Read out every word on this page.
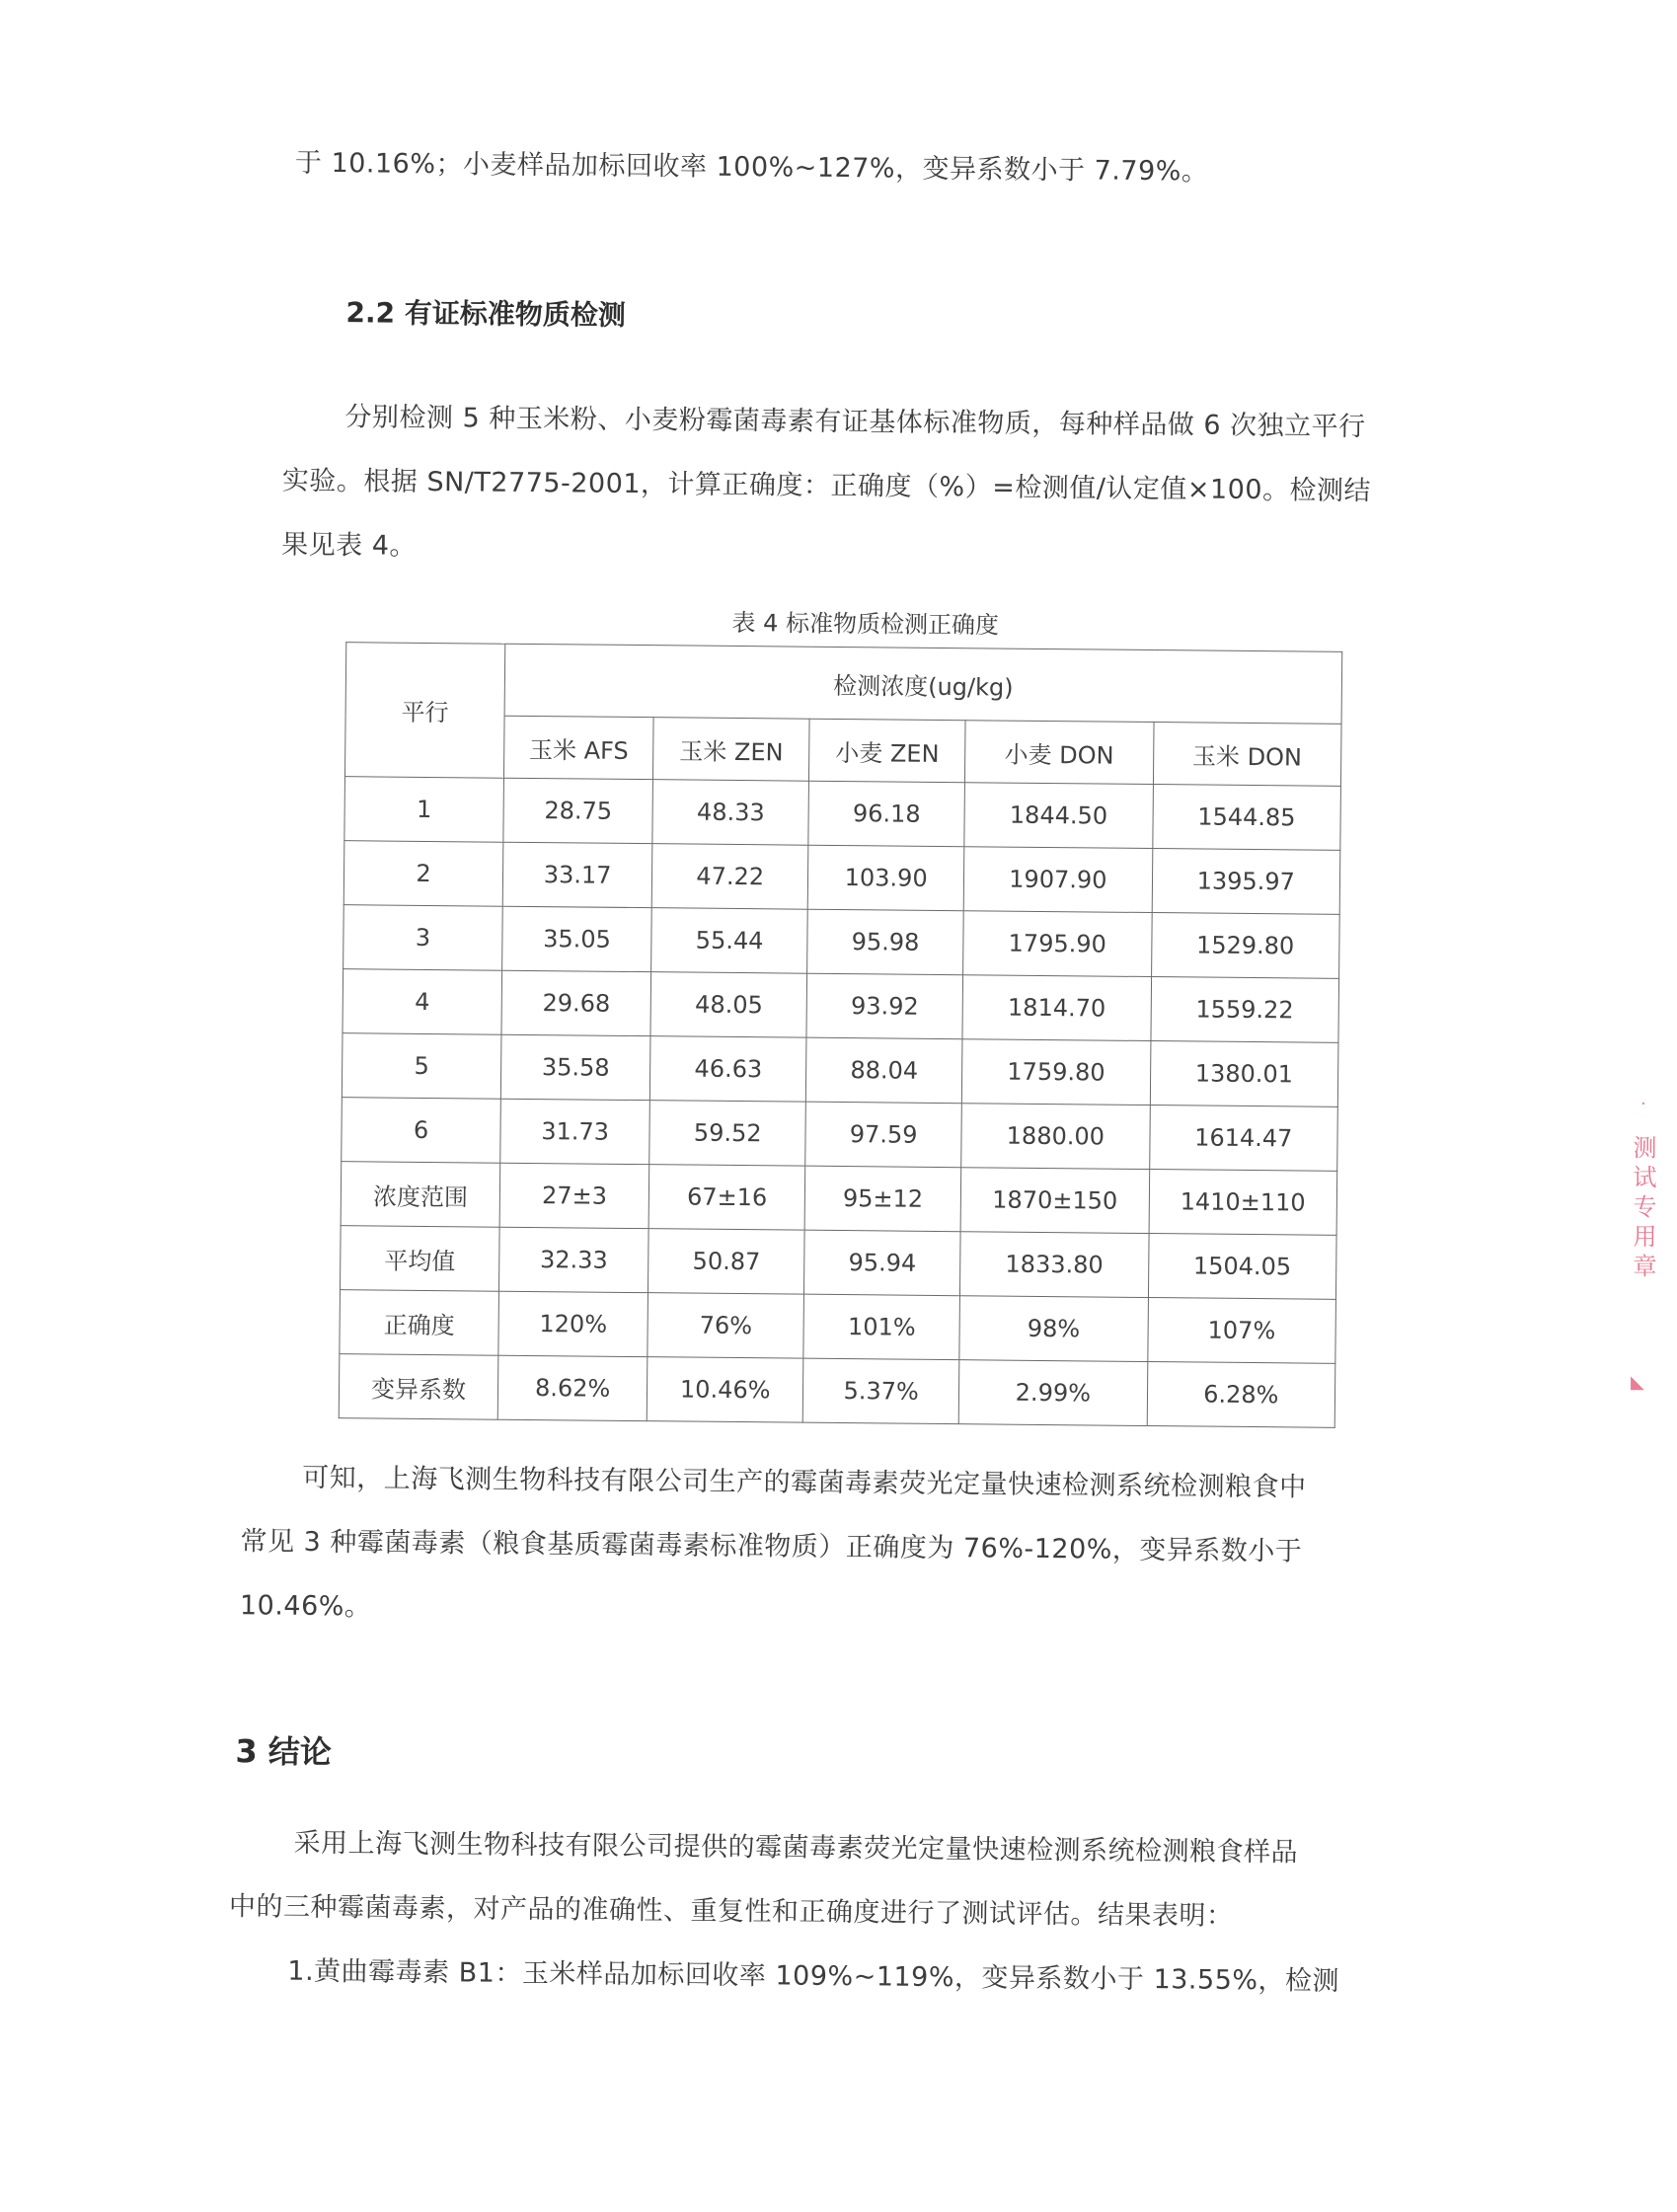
于 10.16%；小麦样品加标回收率 100%~127%，变异系数小于 7.79%。
2.2 有证标准物质检测
分别检测 5 种玉米粉、小麦粉霉菌毒素有证基体标准物质，每种样品做 6 次独立平行
实验。根据 SN/T2775-2001，计算正确度：正确度（%）=检测值/认定值×100。检测结
果见表 4。
表 4 标准物质检测正确度
平行	检测浓度(ug/kg)				
	玉米 AFS	玉米 ZEN	小麦 ZEN	小麦 DON	玉米 DON
1	28.75	48.33	96.18	1844.50	1544.85
2	33.17	47.22	103.90	1907.90	1395.97
3	35.05	55.44	95.98	1795.90	1529.80
4	29.68	48.05	93.92	1814.70	1559.22
5	35.58	46.63	88.04	1759.80	1380.01
6	31.73	59.52	97.59	1880.00	1614.47
浓度范围	27±3	67±16	95±12	1870±150	1410±110
平均值	32.33	50.87	95.94	1833.80	1504.05
正确度	120%	76%	101%	98%	107%
变异系数	8.62%	10.46%	5.37%	2.99%	6.28%
可知，上海飞测生物科技有限公司生产的霉菌毒素荧光定量快速检测系统检测粮食中
常见 3 种霉菌毒素（粮食基质霉菌毒素标准物质）正确度为 76%-120%，变异系数小于
10.46%。
3 结论
采用上海飞测生物科技有限公司提供的霉菌毒素荧光定量快速检测系统检测粮食样品
中的三种霉菌毒素，对产品的准确性、重复性和正确度进行了测试评估。结果表明：
1.黄曲霉毒素 B1：玉米样品加标回收率 109%~119%，变异系数小于 13.55%，检测
·
测试专用章
◣
